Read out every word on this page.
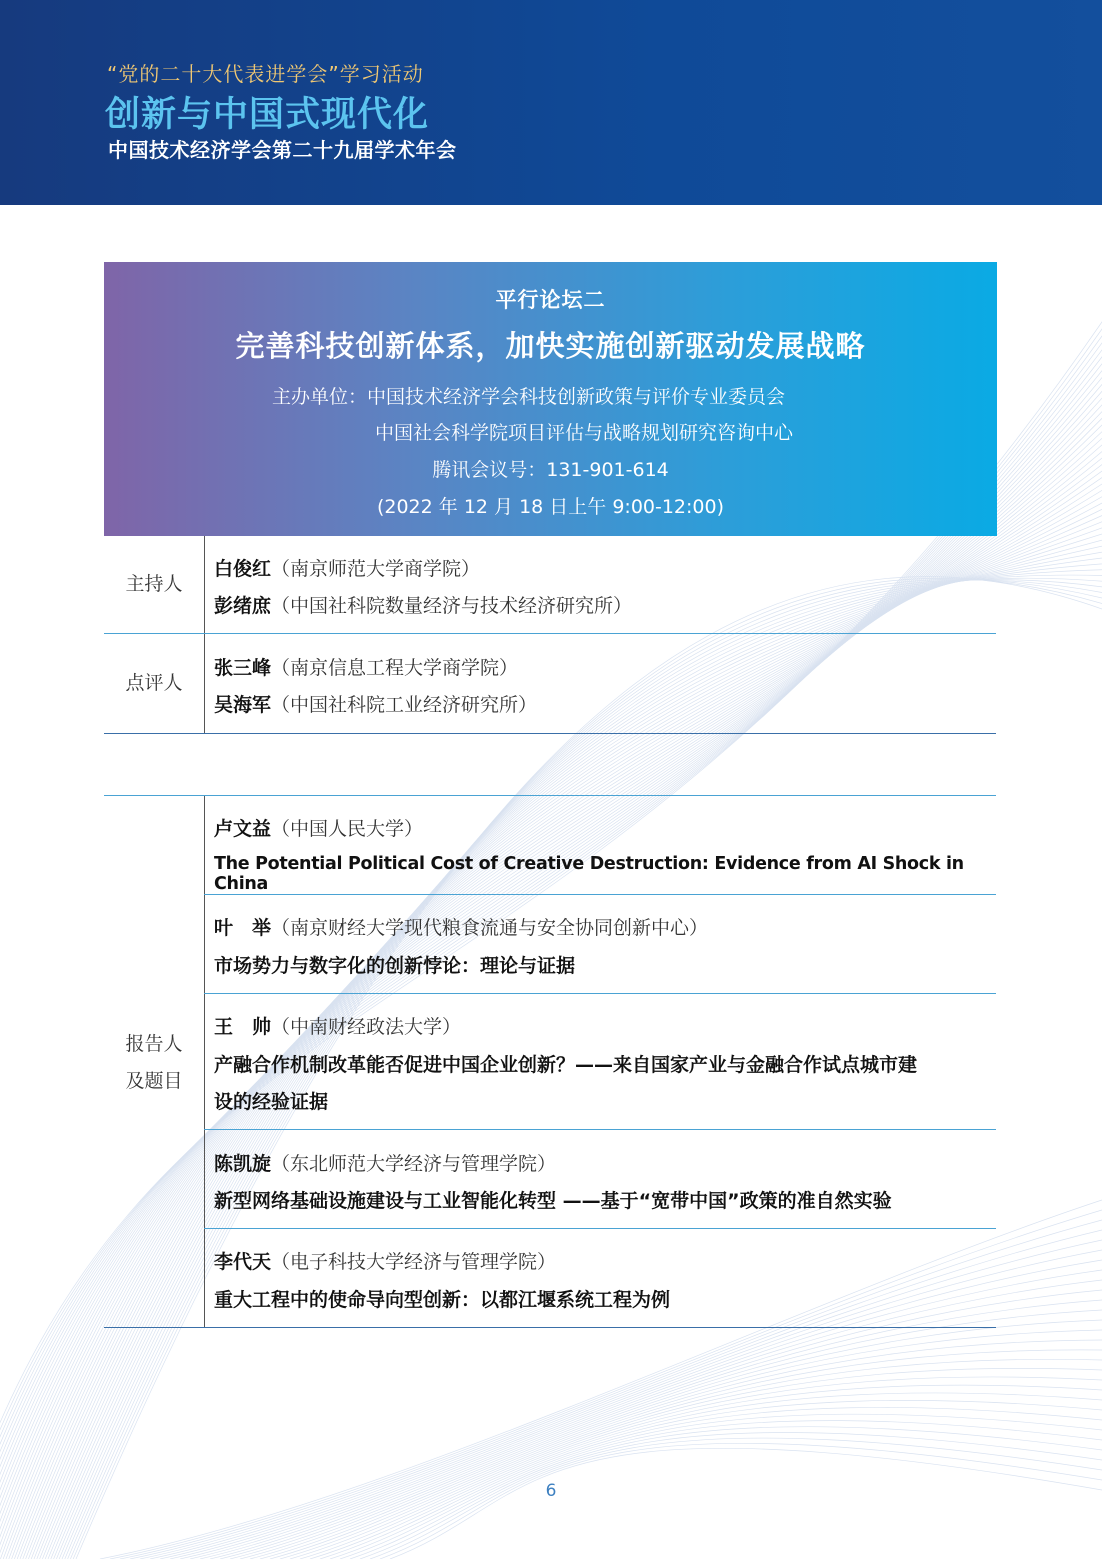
“党的二十大代表进学会”学习活动
创新与中国式现代化
中国技术经济学会第二十九届学术年会
平行论坛二
完善科技创新体系，加快实施创新驱动发展战略
主办单位：中国技术经济学会科技创新政策与评价专业委员会
中国社会科学院项目评估与战略规划研究咨询中心
腾讯会议号：131-901-614
(2022 年 12 月 18 日上午 9:00-12:00)
主持人
白俊红（南京师范大学商学院）
彭绪庶（中国社科院数量经济与技术经济研究所）
点评人
张三峰（南京信息工程大学商学院）
吴海军（中国社科院工业经济研究所）
报告人
及题目
卢文益（中国人民大学）
The Potential Political Cost of Creative Destruction: Evidence from AI Shock in China
叶　举（南京财经大学现代粮食流通与安全协同创新中心）
市场势力与数字化的创新悖论：理论与证据
王　帅（中南财经政法大学）
产融合作机制改革能否促进中国企业创新？——来自国家产业与金融合作试点城市建
设的经验证据
陈凯旋（东北师范大学经济与管理学院）
新型网络基础设施建设与工业智能化转型 ——基于“宽带中国”政策的准自然实验
李代天（电子科技大学经济与管理学院）
重大工程中的使命导向型创新：以都江堰系统工程为例
6
